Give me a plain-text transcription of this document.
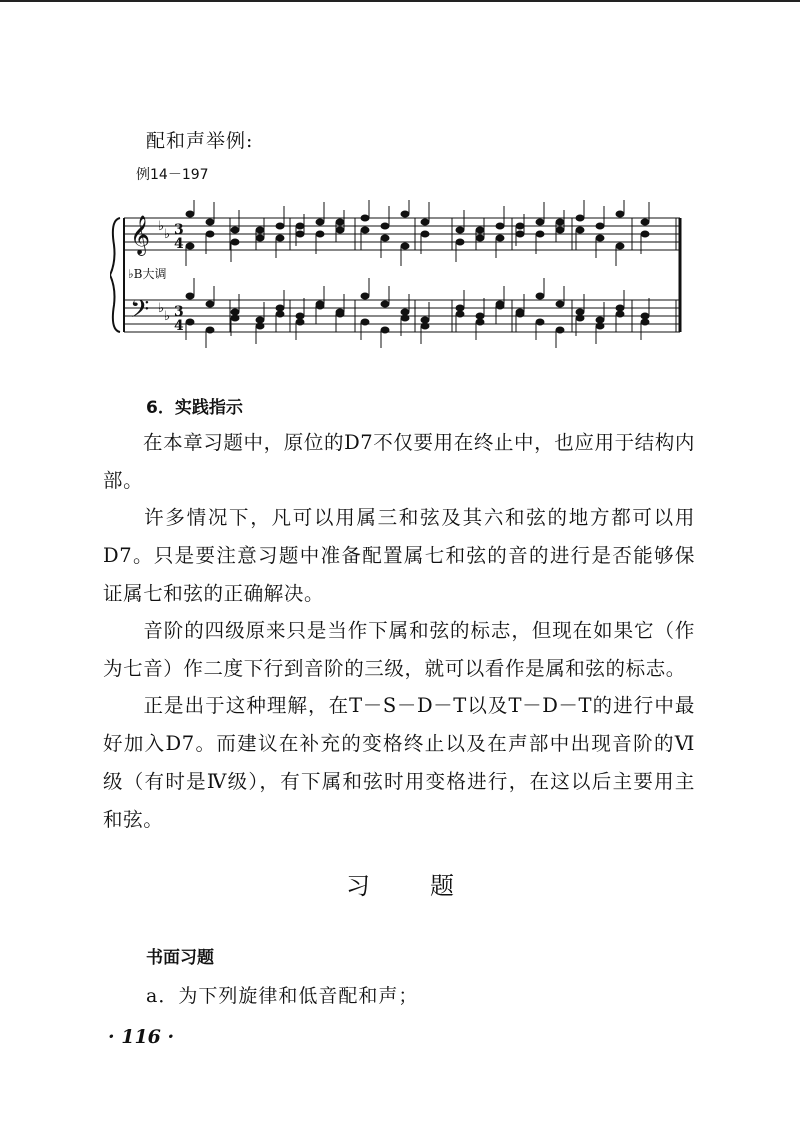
配和声举例:
例14－197
𝄞
𝄢
♭
♭
♭
♭
3
4
3
4
♭B大调
6．实践指示
在本章习题中，原位的D7不仅要用在终止中，也应用于结构内部。
许多情况下，凡可以用属三和弦及其六和弦的地方都可以用D7。只是要注意习题中准备配置属七和弦的音的进行是否能够保证属七和弦的正确解决。
音阶的四级原来只是当作下属和弦的标志，但现在如果它（作为七音）作二度下行到音阶的三级，就可以看作是属和弦的标志。
正是出于这种理解，在T－S－D－T以及T－D－T的进行中最好加入D7。而建议在补充的变格终止以及在声部中出现音阶的Ⅵ级（有时是Ⅳ级），有下属和弦时用变格进行，在这以后主要用主和弦。
习	题
书面习题
a．为下列旋律和低音配和声；
· 116 ·
